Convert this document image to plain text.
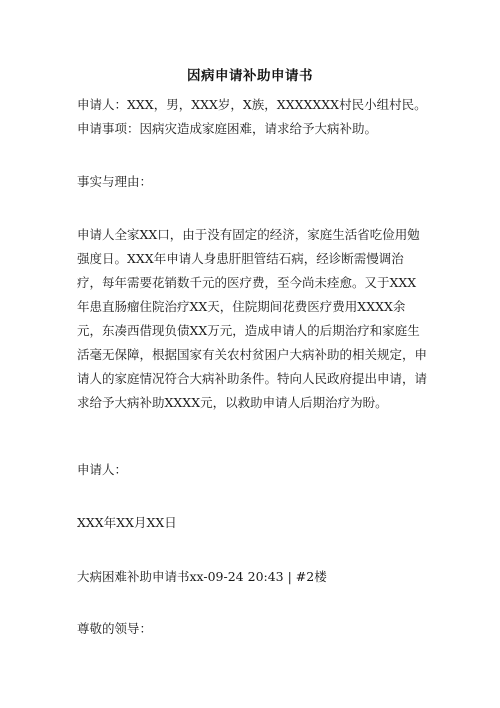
因病申请补助申请书
申请人：XXX，男，XXX岁，X族，XXXXXXX村民小组村民。 申请事项：因病灾造成家庭困难，请求给予大病补助。
事实与理由：
申请人全家XX口，由于没有固定的经济，家庭生活省吃俭用勉强度日。XXX年申请人身患肝胆管结石病，经诊断需慢调治疗，每年需要花销数千元的医疗费，至今尚未痊愈。又于XXX年患直肠瘤住院治疗XX天，住院期间花费医疗费用XXXX余元，东凑西借现负债XX万元，造成申请人的后期治疗和家庭生活毫无保障，根据国家有关农村贫困户大病补助的相关规定，申请人的家庭情况符合大病补助条件。特向人民政府提出申请，请求给予大病补助XXXX元，以救助申请人后期治疗为盼。
申请人：
XXX年XX月XX日
大病困难补助申请书xx-09-24 20:43 | #2楼
尊敬的领导：
